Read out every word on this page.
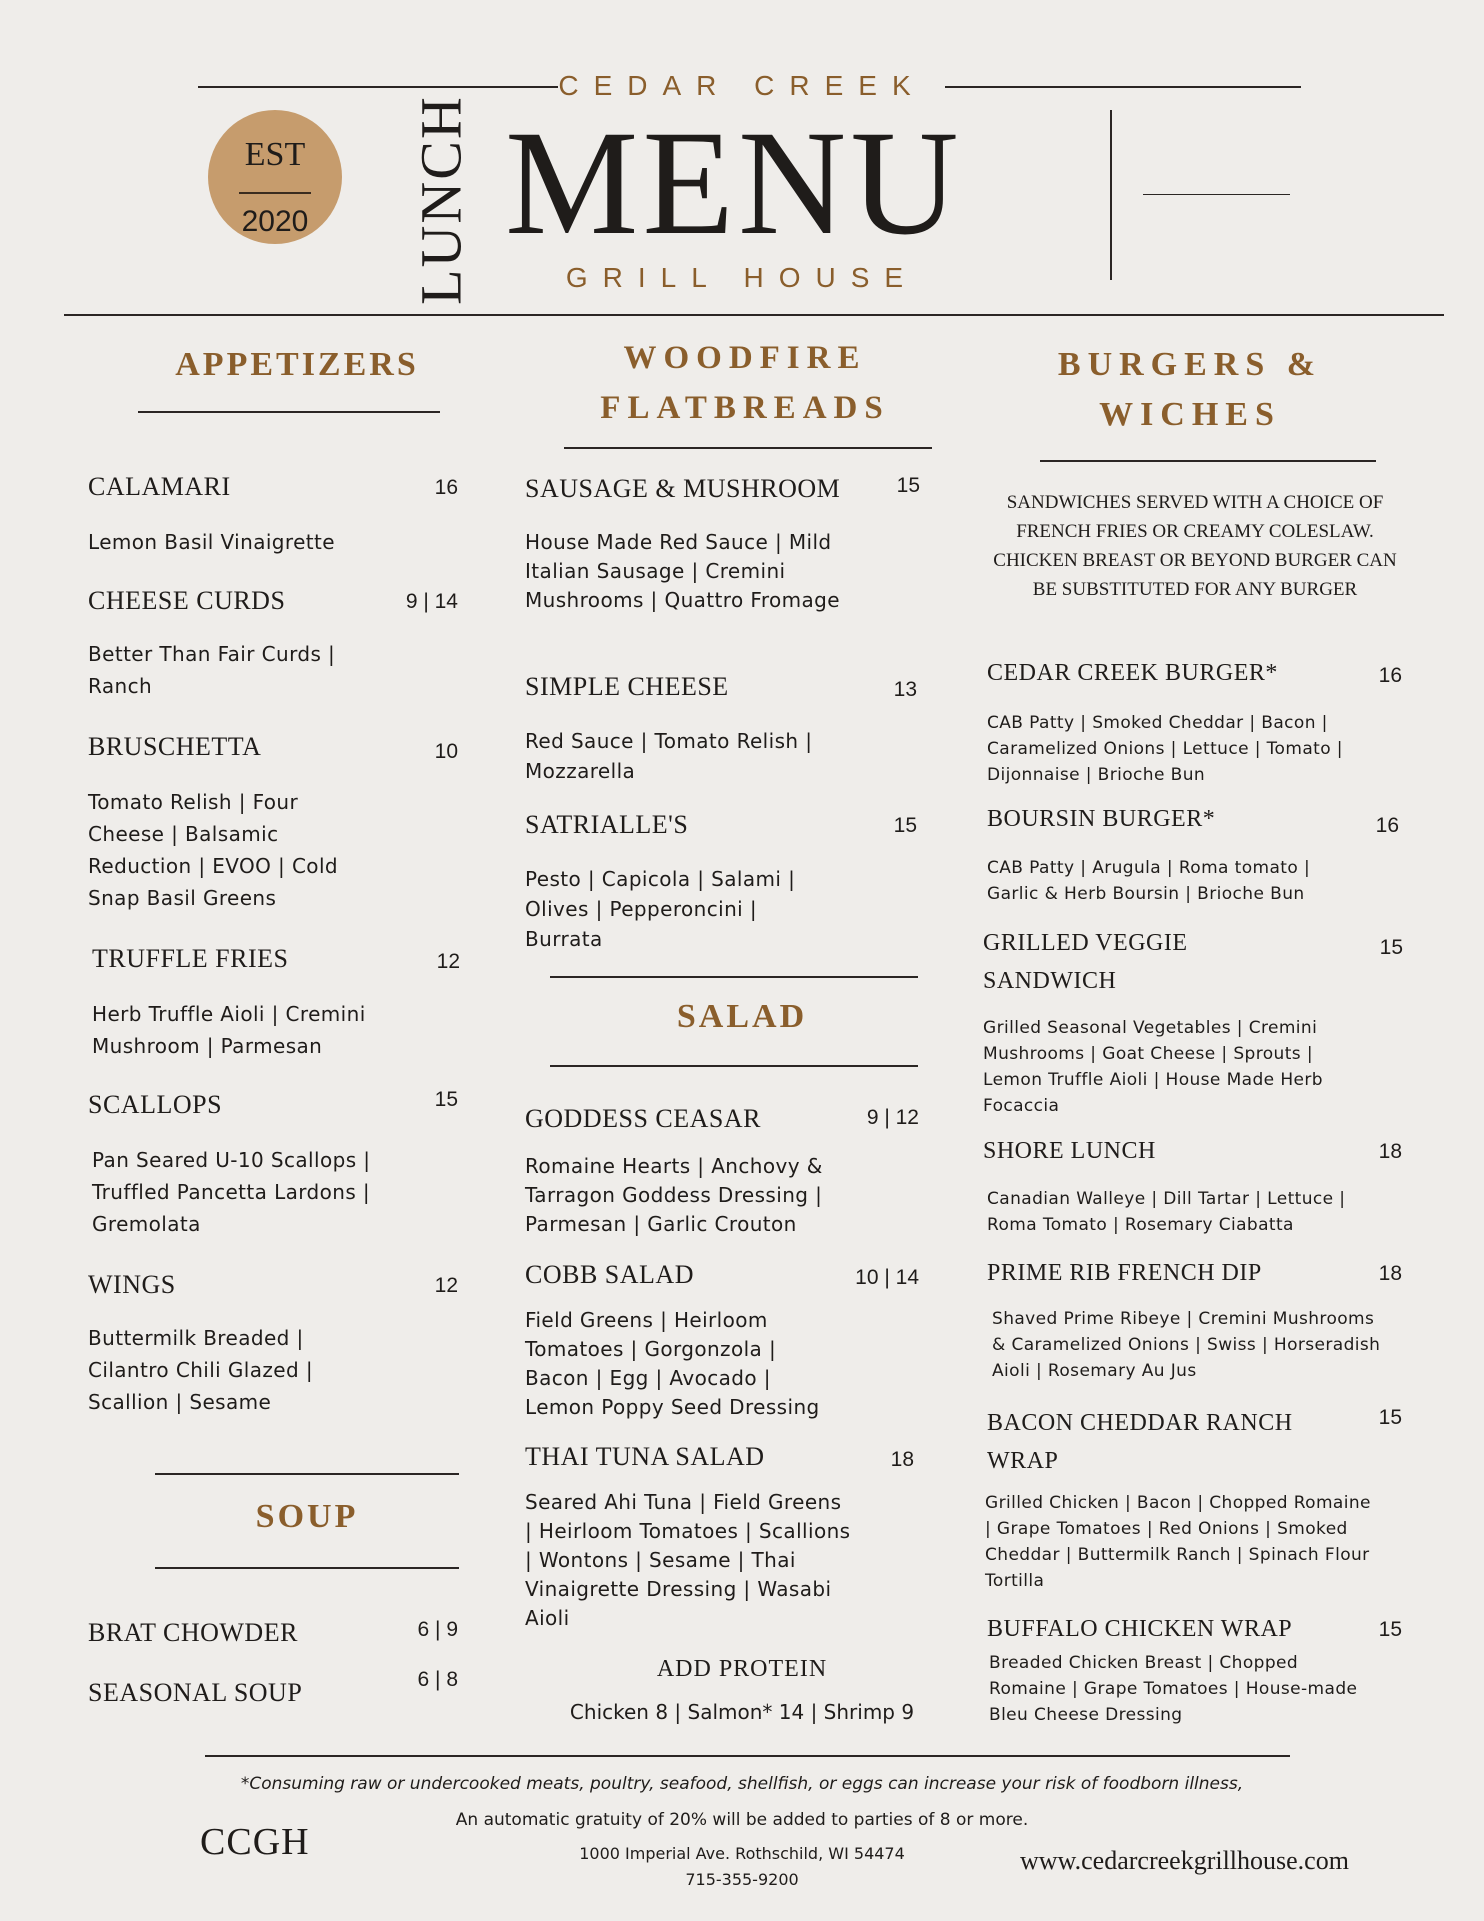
CEDAR CREEK
EST
2020	LUNCH MENU
GRILL HOUSE
APPETIZERS
CALAMARI	16
Lemon Basil Vinaigrette
CHEESE CURDS	9 | 14
Better Than Fair Curds | Ranch
BRUSCHETTA	10
Tomato Relish | Four Cheese | Balsamic Reduction | EVOO | Cold Snap Basil Greens
TRUFFLE FRIES	12
Herb Truffle Aioli | Cremini Mushroom | Parmesan
SCALLOPS	15
Pan Seared U-10 Scallops | Truffled Pancetta Lardons | Gremolata
WINGS	12
Buttermilk Breaded | Cilantro Chili Glazed | Scallion | Sesame
SOUP
BRAT CHOWDER	6 | 9
SEASONAL SOUP	6 | 8
WOODFIRE
FLATBREADS
SAUSAGE & MUSHROOM	15
House Made Red Sauce | Mild Italian Sausage | Cremini Mushrooms | Quattro Fromage
SIMPLE CHEESE	13
Red Sauce | Tomato Relish | Mozzarella
SATRIALLE'S	15
Pesto | Capicola | Salami | Olives | Pepperoncini | Burrata
SALAD
GODDESS CEASAR	9 | 12
Romaine Hearts | Anchovy & Tarragon Goddess Dressing | Parmesan | Garlic Crouton
COBB SALAD	10 | 14
Field Greens | Heirloom Tomatoes | Gorgonzola | Bacon | Egg | Avocado | Lemon Poppy Seed Dressing
THAI TUNA SALAD	18
Seared Ahi Tuna | Field Greens | Heirloom Tomatoes | Scallions | Wontons | Sesame | Thai Vinaigrette Dressing | Wasabi Aioli
ADD PROTEIN
Chicken 8 | Salmon* 14 | Shrimp 9
BURGERS &
WICHES
SANDWICHES SERVED WITH A CHOICE OF FRENCH FRIES OR CREAMY COLESLAW. CHICKEN BREAST OR BEYOND BURGER CAN BE SUBSTITUTED FOR ANY BURGER
CEDAR CREEK BURGER*	16
CAB Patty | Smoked Cheddar | Bacon | Caramelized Onions | Lettuce | Tomato | Dijonnaise | Brioche Bun
BOURSIN BURGER*	16
CAB Patty | Arugula | Roma tomato | Garlic & Herb Boursin | Brioche Bun
GRILLED VEGGIE SANDWICH
15
Grilled Seasonal Vegetables | Cremini Mushrooms | Goat Cheese | Sprouts | Lemon Truffle Aioli | House Made Herb Focaccia
SHORE LUNCH	18
Canadian Walleye | Dill Tartar | Lettuce | Roma Tomato | Rosemary Ciabatta
PRIME RIB FRENCH DIP	18
Shaved Prime Ribeye | Cremini Mushrooms & Caramelized Onions | Swiss | Horseradish Aioli | Rosemary Au Jus
BACON CHEDDAR RANCH WRAP
15
Grilled Chicken | Bacon | Chopped Romaine | Grape Tomatoes | Red Onions | Smoked Cheddar | Buttermilk Ranch | Spinach Flour Tortilla
BUFFALO CHICKEN WRAP	15
Breaded Chicken Breast | Chopped Romaine | Grape Tomatoes | House-made Bleu Cheese Dressing
*Consuming raw or undercooked meats, poultry, seafood, shellfish, or eggs can increase your risk of foodborn illness,
An automatic gratuity of 20% will be added to parties of 8 or more.
CCGH	1000 Imperial Ave. Rothschild, WI 54474
715-355-9200
www.cedarcreekgrillhouse.com
